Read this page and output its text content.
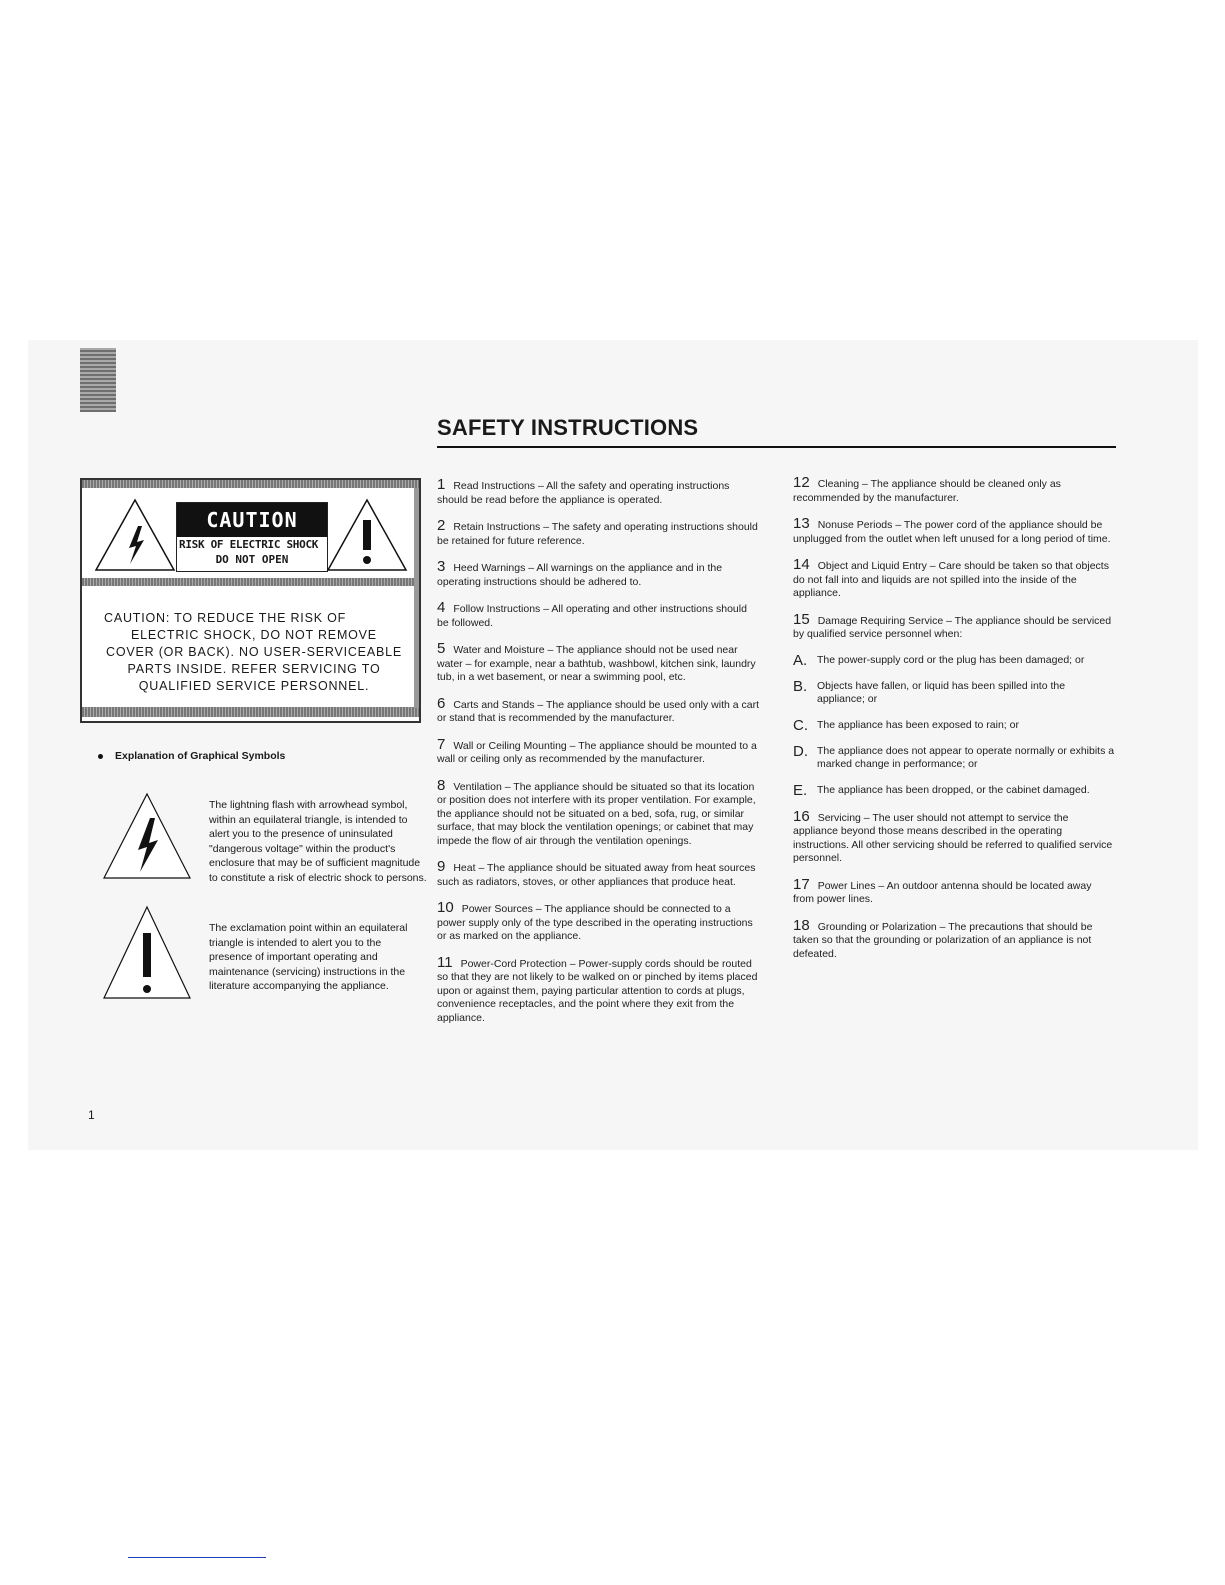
SAFETY INSTRUCTIONS
CAUTION
RISK OF ELECTRIC SHOCK
DO NOT OPEN
CAUTION: TO REDUCE THE RISK OF
ELECTRIC SHOCK, DO NOT REMOVE
COVER (OR BACK). NO USER-SERVICEABLE
PARTS INSIDE. REFER SERVICING TO
QUALIFIED SERVICE PERSONNEL.
Explanation of Graphical Symbols
The lightning flash with arrowhead symbol, within an equilateral triangle, is intended to alert you to the presence of uninsulated "dangerous voltage" within the product's enclosure that may be of sufficient magnitude to constitute a risk of electric shock to persons.
The exclamation point within an equilateral triangle is intended to alert you to the presence of important operating and maintenance (servicing) instructions in the literature accompanying the appliance.
1 Read Instructions – All the safety and operating instructions should be read before the appliance is operated.
2 Retain Instructions – The safety and operating instructions should be retained for future reference.
3 Heed Warnings – All warnings on the appliance and in the operating instructions should be adhered to.
4 Follow Instructions – All operating and other instructions should be followed.
5 Water and Moisture – The appliance should not be used near water – for example, near a bathtub, washbowl, kitchen sink, laundry tub, in a wet basement, or near a swimming pool, etc.
6 Carts and Stands – The appliance should be used only with a cart or stand that is recommended by the manufacturer.
7 Wall or Ceiling Mounting – The appliance should be mounted to a wall or ceiling only as recommended by the manufacturer.
8 Ventilation – The appliance should be situated so that its location or position does not interfere with its proper ventilation. For example, the appliance should not be situated on a bed, sofa, rug, or similar surface, that may block the ventilation openings; or cabinet that may impede the flow of air through the ventilation openings.
9 Heat – The appliance should be situated away from heat sources such as radiators, stoves, or other appliances that produce heat.
10 Power Sources – The appliance should be connected to a power supply only of the type described in the operating instructions or as marked on the appliance.
11 Power-Cord Protection – Power-supply cords should be routed so that they are not likely to be walked on or pinched by items placed upon or against them, paying particular attention to cords at plugs, convenience receptacles, and the point where they exit from the appliance.
12 Cleaning – The appliance should be cleaned only as recommended by the manufacturer.
13 Nonuse Periods – The power cord of the appliance should be unplugged from the outlet when left unused for a long period of time.
14 Object and Liquid Entry – Care should be taken so that objects do not fall into and liquids are not spilled into the inside of the appliance.
15 Damage Requiring Service – The appliance should be serviced by qualified service personnel when:
A. The power-supply cord or the plug has been damaged; or
B. Objects have fallen, or liquid has been spilled into the appliance; or
C. The appliance has been exposed to rain; or
D. The appliance does not appear to operate normally or exhibits a marked change in performance; or
E. The appliance has been dropped, or the cabinet damaged.
16 Servicing – The user should not attempt to service the appliance beyond those means described in the operating instructions. All other servicing should be referred to qualified service personnel.
17 Power Lines – An outdoor antenna should be located away from power lines.
18 Grounding or Polarization – The precautions that should be taken so that the grounding or polarization of an appliance is not defeated.
1
